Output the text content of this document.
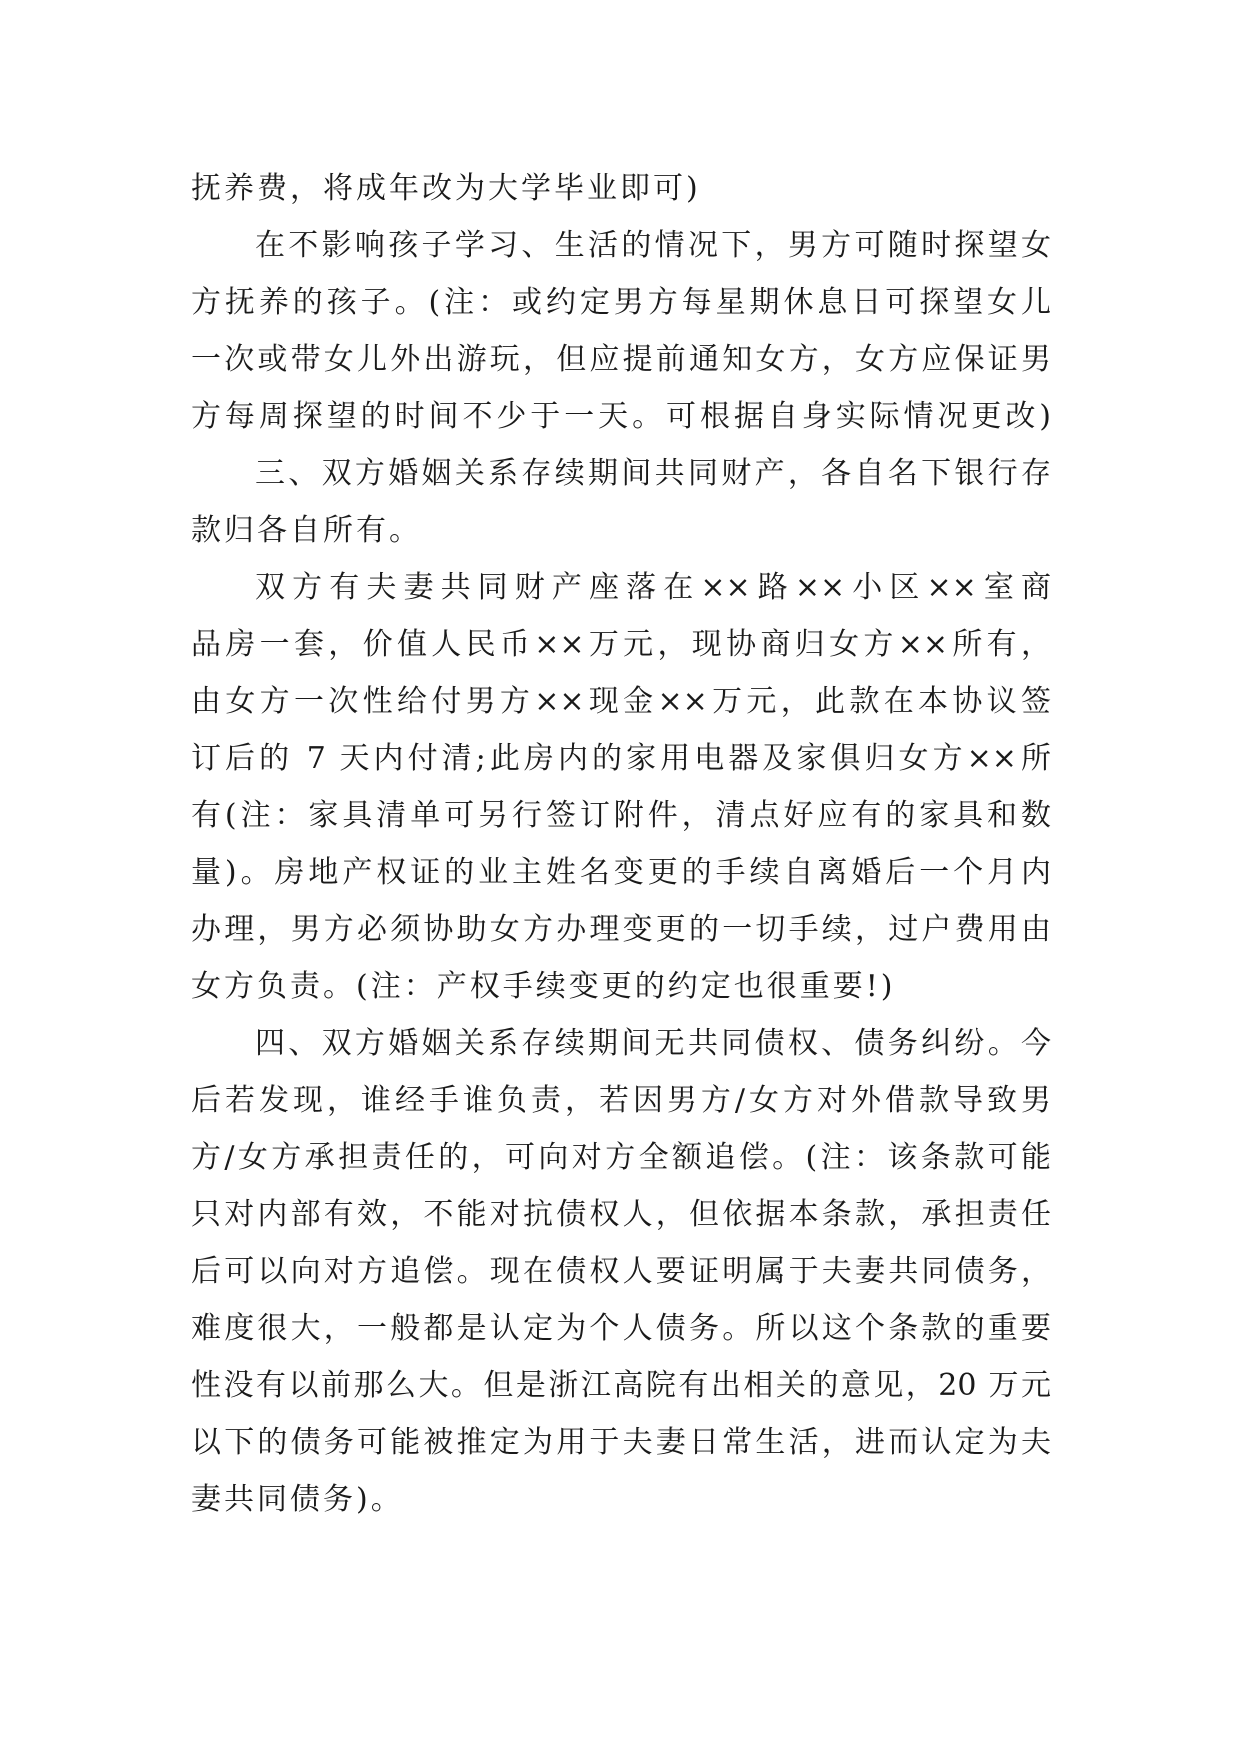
抚养费，将成年改为大学毕业即可)
在不影响孩子学习、生活的情况下，男方可随时探望女
方抚养的孩子。(注：或约定男方每星期休息日可探望女儿
一次或带女儿外出游玩，但应提前通知女方，女方应保证男
方每周探望的时间不少于一天。可根据自身实际情况更改)
三、双方婚姻关系存续期间共同财产，各自名下银行存
款归各自所有。
双方有夫妻共同财产座落在××路××小区××室商
品房一套，价值人民币××万元，现协商归女方××所有，
由女方一次性给付男方××现金××万元，此款在本协议签
订后的 7 天内付清;此房内的家用电器及家俱归女方××所
有(注：家具清单可另行签订附件，清点好应有的家具和数
量)。房地产权证的业主姓名变更的手续自离婚后一个月内
办理，男方必须协助女方办理变更的一切手续，过户费用由
女方负责。(注：产权手续变更的约定也很重要!)
四、双方婚姻关系存续期间无共同债权、债务纠纷。今
后若发现，谁经手谁负责，若因男方/女方对外借款导致男
方/女方承担责任的，可向对方全额追偿。(注：该条款可能
只对内部有效，不能对抗债权人，但依据本条款，承担责任
后可以向对方追偿。现在债权人要证明属于夫妻共同债务，
难度很大，一般都是认定为个人债务。所以这个条款的重要
性没有以前那么大。但是浙江高院有出相关的意见，20 万元
以下的债务可能被推定为用于夫妻日常生活，进而认定为夫
妻共同债务)。
